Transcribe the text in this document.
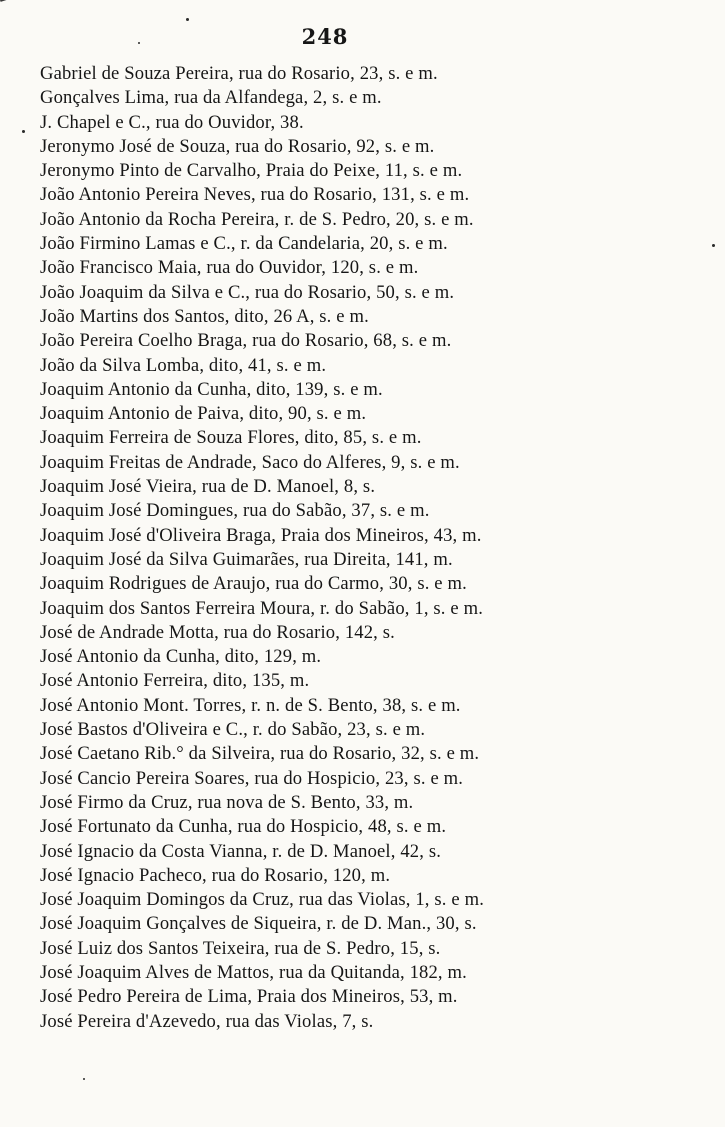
248
Gabriel de Souza Pereira, rua do Rosario, 23, s. e m.
Gonçalves Lima, rua da Alfandega, 2, s. e m.
J. Chapel e C., rua do Ouvidor, 38.
Jeronymo José de Souza, rua do Rosario, 92, s. e m.
Jeronymo Pinto de Carvalho, Praia do Peixe, 11, s. e m.
João Antonio Pereira Neves, rua do Rosario, 131, s. e m.
João Antonio da Rocha Pereira, r. de S. Pedro, 20, s. e m.
João Firmino Lamas e C., r. da Candelaria, 20, s. e m.
João Francisco Maia, rua do Ouvidor, 120, s. e m.
João Joaquim da Silva e C., rua do Rosario, 50, s. e m.
João Martins dos Santos, dito, 26 A, s. e m.
João Pereira Coelho Braga, rua do Rosario, 68, s. e m.
João da Silva Lomba, dito, 41, s. e m.
Joaquim Antonio da Cunha, dito, 139, s. e m.
Joaquim Antonio de Paiva, dito, 90, s. e m.
Joaquim Ferreira de Souza Flores, dito, 85, s. e m.
Joaquim Freitas de Andrade, Saco do Alferes, 9, s. e m.
Joaquim José Vieira, rua de D. Manoel, 8, s.
Joaquim José Domingues, rua do Sabão, 37, s. e m.
Joaquim José d'Oliveira Braga, Praia dos Mineiros, 43, m.
Joaquim José da Silva Guimarães, rua Direita, 141, m.
Joaquim Rodrigues de Araujo, rua do Carmo, 30, s. e m.
Joaquim dos Santos Ferreira Moura, r. do Sabão, 1, s. e m.
José de Andrade Motta, rua do Rosario, 142, s.
José Antonio da Cunha, dito, 129, m.
José Antonio Ferreira, dito, 135, m.
José Antonio Mont. Torres, r. n. de S. Bento, 38, s. e m.
José Bastos d'Oliveira e C., r. do Sabão, 23, s. e m.
José Caetano Rib.° da Silveira, rua do Rosario, 32, s. e m.
José Cancio Pereira Soares, rua do Hospicio, 23, s. e m.
José Firmo da Cruz, rua nova de S. Bento, 33, m.
José Fortunato da Cunha, rua do Hospicio, 48, s. e m.
José Ignacio da Costa Vianna, r. de D. Manoel, 42, s.
José Ignacio Pacheco, rua do Rosario, 120, m.
José Joaquim Domingos da Cruz, rua das Violas, 1, s. e m.
José Joaquim Gonçalves de Siqueira, r. de D. Man., 30, s.
José Luiz dos Santos Teixeira, rua de S. Pedro, 15, s.
José Joaquim Alves de Mattos, rua da Quitanda, 182, m.
José Pedro Pereira de Lima, Praia dos Mineiros, 53, m.
José Pereira d'Azevedo, rua das Violas, 7, s.
